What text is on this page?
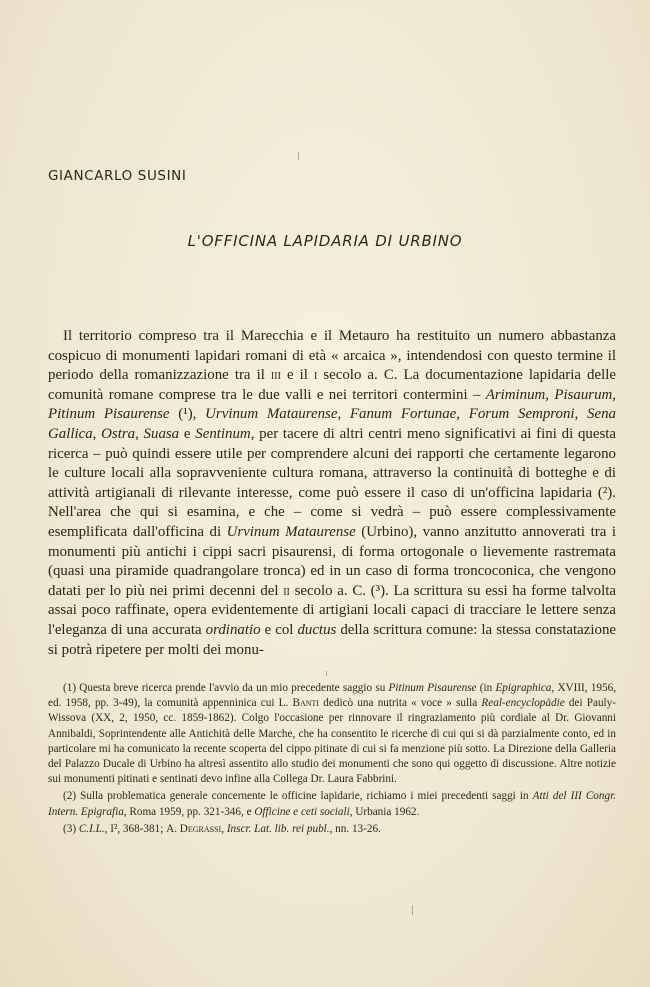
GIANCARLO SUSINI
L'OFFICINA LAPIDARIA DI URBINO

Il territorio compreso tra il Marecchia e il Metauro ha restituito un numero abbastanza cospicuo di monumenti lapidari romani di età « arcaica », intendendosi con questo termine il periodo della romanizzazione tra il iii e il i secolo a. C. La documentazione lapidaria delle comunità romane comprese tra le due valli e nei territori contermini – Ariminum, Pisaurum, Pitinum Pisaurense (¹), Urvinum Mataurense, Fanum Fortunae, Forum Semproni, Sena Gallica, Ostra, Suasa e Sentinum, per tacere di altri centri meno significativi ai fini di questa ricerca – può quindi essere utile per comprendere alcuni dei rapporti che certamente legarono le culture locali alla sopravveniente cultura romana, attraverso la continuità di botteghe e di attività artigianali di rilevante interesse, come può essere il caso di un'officina lapidaria (²). Nell'area che qui si esamina, e che – come si vedrà – può essere complessivamente esemplificata dall'officina di Urvinum Mataurense (Urbino), vanno anzitutto annoverati tra i monumenti più antichi i cippi sacri pisaurensi, di forma ortogonale o lievemente rastremata (quasi una piramide quadrangolare tronca) ed in un caso di forma troncoconica, che vengono datati per lo più nei primi decenni del ii secolo a. C. (³). La scrittura su essi ha forme talvolta assai poco raffinate, opera evidentemente di artigiani locali capaci di tracciare le lettere senza l'eleganza di una accurata ordinatio e col ductus della scrittura comune: la stessa constatazione si potrà ripetere per molti dei monu-

(1) Questa breve ricerca prende l'avvio da un mio precedente saggio su Pitinum Pisaurense (in Epigraphica, XVIII, 1956, ed. 1958, pp. 3-49), la comunità appenninica cui L. Banti dedicò una nutrita « voce » sulla Real-encyclopädie dei Pauly-Wissova (XX, 2, 1950, cc. 1859-1862). Colgo l'occasione per rinnovare il ringraziamento più cordiale al Dr. Giovanni Annibaldi, Soprintendente alle Antichità delle Marche, che ha consentito le ricerche di cui qui si dà parzialmente conto, ed in particolare mi ha comunicato la recente scoperta del cippo pitinate di cui si fa menzione più sotto. La Direzione della Galleria del Palazzo Ducale di Urbino ha altresì assentito allo studio dei monumenti che sono qui oggetto di discussione. Altre notizie sui monumenti pitinati e sentinati devo infine alla Collega Dr. Laura Fabbrini.

(2) Sulla problematica generale concernente le officine lapidarie, richiamo i miei precedenti saggi in Atti del III Congr. Intern. Epigrafia, Roma 1959, pp. 321-346, e Officine e ceti sociali, Urbania 1962.

(3) C.I.L., I², 368-381; A. Degrassi, Inscr. Lat. lib. rei publ., nn. 13-26.
